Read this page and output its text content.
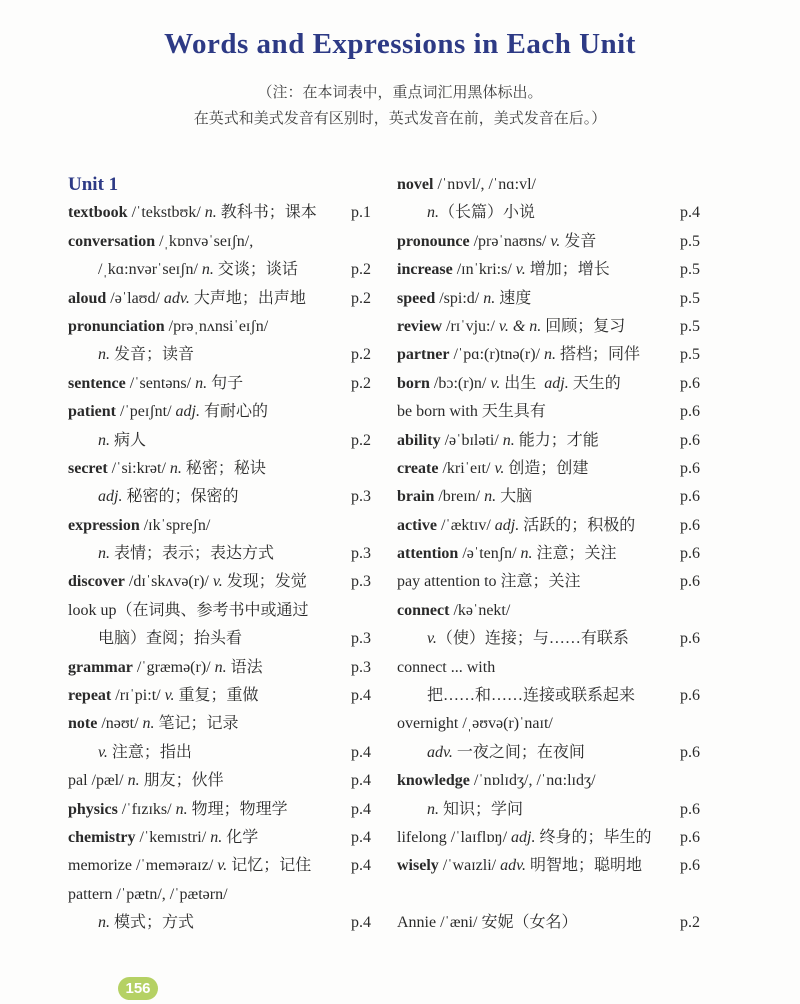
Words and Expressions in Each Unit
（注：在本词表中，重点词汇用黑体标出。
在英式和美式发音有区别时，英式发音在前，美式发音在后。）
Unit 1
textbook /ˈtekstbʊk/ n. 教科书；课本	p.1
conversation /ˌkɒnvəˈseɪʃn/,
/ˌkɑ:nvərˈseɪʃn/ n. 交谈；谈话	p.2
aloud /əˈlaʊd/ adv. 大声地；出声地	p.2
pronunciation /prəˌnʌnsiˈeɪʃn/
n. 发音；读音	p.2
sentence /ˈsentəns/ n. 句子	p.2
patient /ˈpeɪʃnt/ adj. 有耐心的
n. 病人	p.2
secret /ˈsi:krət/ n. 秘密；秘诀
adj. 秘密的；保密的	p.3
expression /ɪkˈspreʃn/
n. 表情；表示；表达方式	p.3
discover /dɪˈskʌvə(r)/ v. 发现；发觉	p.3
look up（在词典、参考书中或通过
电脑）查阅；抬头看	p.3
grammar /ˈgræmə(r)/ n. 语法	p.3
repeat /rɪˈpi:t/ v. 重复；重做	p.4
note /nəʊt/ n. 笔记；记录
v. 注意；指出	p.4
pal /pæl/ n. 朋友；伙伴	p.4
physics /ˈfɪzɪks/ n. 物理；物理学	p.4
chemistry /ˈkemɪstri/ n. 化学	p.4
memorize /ˈmeməraɪz/ v. 记忆；记住	p.4
pattern /ˈpætn/, /ˈpætərn/
n. 模式；方式	p.4
novel /ˈnɒvl/, /ˈnɑ:vl/
n.（长篇）小说	p.4
pronounce /prəˈnaʊns/ v. 发音	p.5
increase /ɪnˈkri:s/ v. 增加；增长	p.5
speed /spi:d/ n. 速度	p.5
review /rɪˈvju:/ v. & n. 回顾；复习	p.5
partner /ˈpɑ:(r)tnə(r)/ n. 搭档；同伴	p.5
born /bɔ:(r)n/ v. 出生  adj. 天生的	p.6
be born with 天生具有	p.6
ability /əˈbɪləti/ n. 能力；才能	p.6
create /kriˈeɪt/ v. 创造；创建	p.6
brain /breɪn/ n. 大脑	p.6
active /ˈæktɪv/ adj. 活跃的；积极的	p.6
attention /əˈtenʃn/ n. 注意；关注	p.6
pay attention to 注意；关注	p.6
connect /kəˈnekt/
v.（使）连接；与……有联系	p.6
connect ... with
把……和……连接或联系起来	p.6
overnight /ˌəʊvə(r)ˈnaɪt/
adv. 一夜之间；在夜间	p.6
knowledge /ˈnɒlɪdʒ/, /ˈnɑ:lɪdʒ/
n. 知识；学问	p.6
lifelong /ˈlaɪflɒŋ/ adj. 终身的；毕生的	p.6
wisely /ˈwaɪzli/ adv. 明智地；聪明地	p.6
Annie /ˈæni/ 安妮（女名）	p.2
156
